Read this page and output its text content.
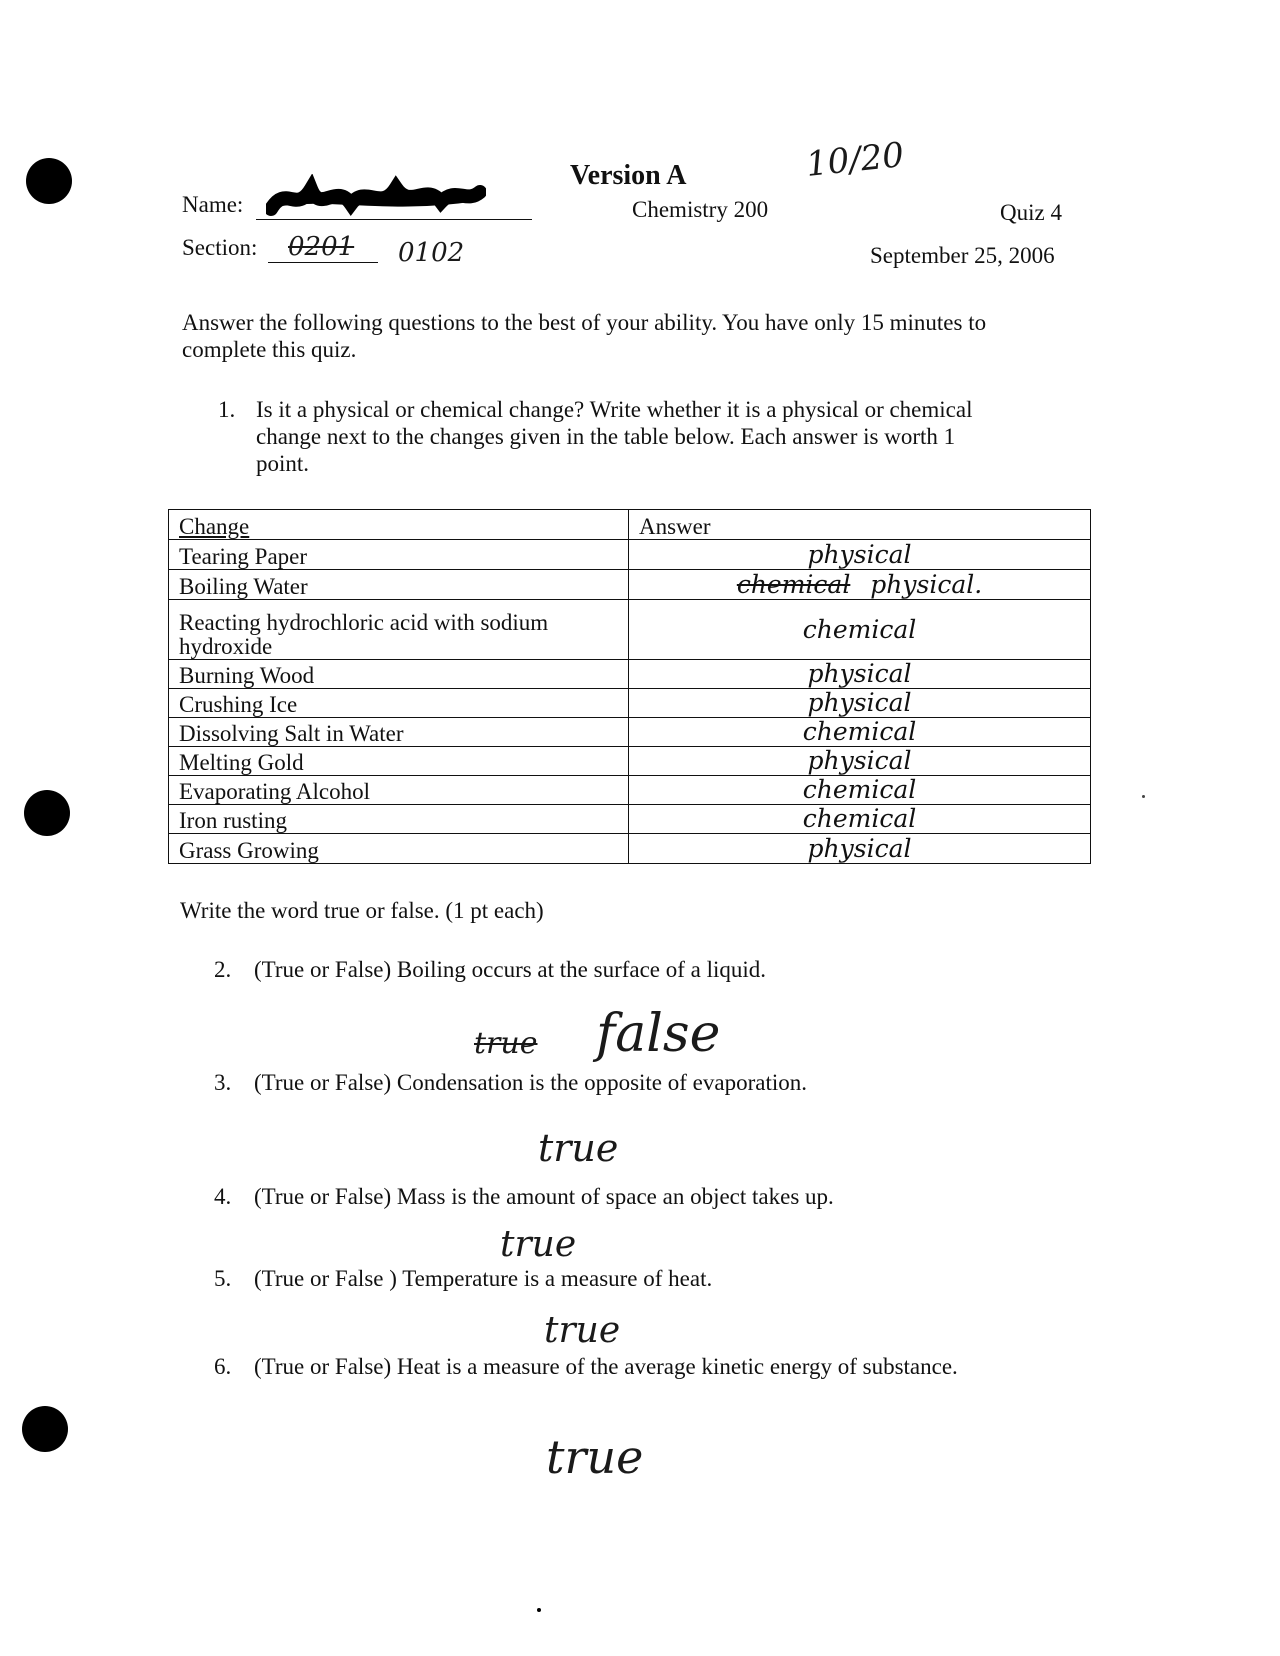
Version A	10/20
Chemistry 200	Quiz 4
September 25, 2006
Name:
Section: 0201 0102
Answer the following questions to the best of your ability. You have only 15 minutes to
complete this quiz.
1. Is it a physical or chemical change? Write whether it is a physical or chemical
change next to the changes given in the table below. Each answer is worth 1
point.
Change	Answer
Tearing Paper	physical
Boiling Water	chemical physical.
Reacting hydrochloric acid with sodium hydroxide	chemical
Burning Wood	physical
Crushing Ice	physical
Dissolving Salt in Water	chemical
Melting Gold	physical
Evaporating Alcohol	chemical
Iron rusting	chemical
Grass Growing	physical
Write the word true or false. (1 pt each)
2. (True or False) Boiling occurs at the surface of a liquid.
true false
3. (True or False) Condensation is the opposite of evaporation.
true
4. (True or False) Mass is the amount of space an object takes up.
true
5. (True or False ) Temperature is a measure of heat.
true
6. (True or False) Heat is a measure of the average kinetic energy of substance.
true
